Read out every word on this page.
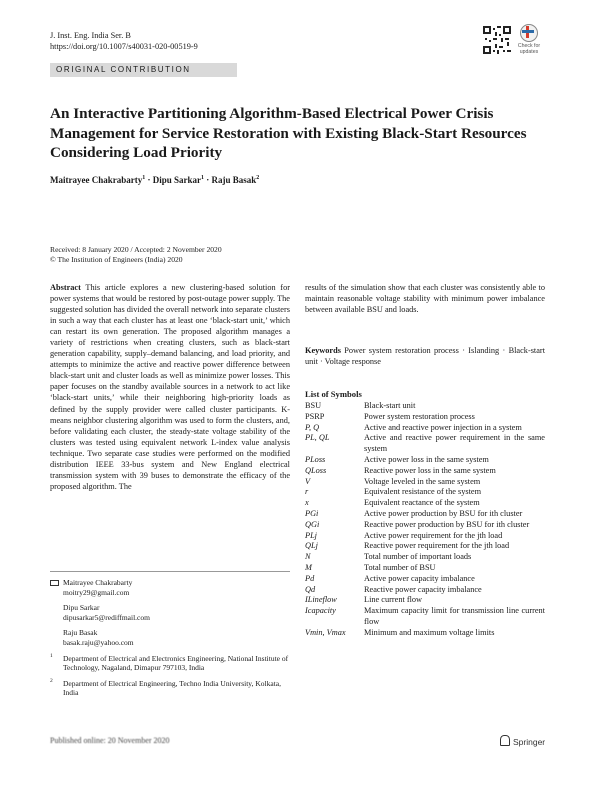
J. Inst. Eng. India Ser. B
https://doi.org/10.1007/s40031-020-00519-9	Check for updates
ORIGINAL CONTRIBUTION
An Interactive Partitioning Algorithm-Based Electrical Power Crisis Management for Service Restoration with Existing Black-Start Resources Considering Load Priority
Maitrayee Chakrabarty$^1$ · Dipu Sarkar$^1$ · Raju Basak$^2$
Received: 8 January 2020 / Accepted: 2 November 2020
© The Institution of Engineers (India) 2020
Abstract This article explores a new clustering-based solution for power systems that would be restored by post-outage power supply. The suggested solution has divided the overall network into separate clusters in such a way that each cluster has at least one ‘black-start unit,’ which can restart its own generation. The proposed algorithm manages a variety of restrictions when creating clusters, such as black-start generation capability, supply–demand balancing, and load priority, and attempts to minimize the active and reactive power difference between black-start unit and cluster loads as well as minimize power losses. This paper focuses on the standby available sources in a network to act like ‘black-start units,’ while their neighboring high-priority loads as defined by the supply provider were called cluster participants. K-means neighbor clustering algorithm was used to form the clusters, and, before validating each cluster, the steady-state voltage stability of the clusters was tested using equivalent network L-index value analysis technique. Two separate case studies were performed on the modified distribution IEEE 33-bus system and New England electrical transmission system with 39 buses to demonstrate the efficacy of the proposed algorithm. The
results of the simulation show that each cluster was consistently able to maintain reasonable voltage stability with minimum power imbalance between available BSU and loads.
Keywords Power system restoration process · Islanding · Black-start unit · Voltage response
List of Symbols
BSU	Black-start unit
PSRP	Power system restoration process
P, Q	Active and reactive power injection in a system
PL, QL	Active and reactive power requirement in the same system
PLoss	Active power loss in the same system
QLoss	Reactive power loss in the same system
V	Voltage leveled in the same system
r	Equivalent resistance of the system
x	Equivalent reactance of the system
PGi	Active power production by BSU for ith cluster
QGi	Reactive power production by BSU for ith cluster
PLj	Active power requirement for the jth load
QLj	Reactive power requirement for the jth load
N	Total number of important loads
M	Total number of BSU
Pd	Active power capacity imbalance
Qd	Reactive power capacity imbalance
ILineflow	Line current flow
Icapacity	Maximum capacity limit for transmission line current flow
Vmin, Vmax	Minimum and maximum voltage limits
Maitrayee Chakrabarty
moitry29@gmail.com
Dipu Sarkar
dipusarkar5@rediffmail.com
Raju Basak
basak.raju@yahoo.com
1 Department of Electrical and Electronics Engineering, National Institute of Technology, Nagaland, Dimapur 797103, India
2 Department of Electrical Engineering, Techno India University, Kolkata, India
Published online: 20 November 2020	Springer
